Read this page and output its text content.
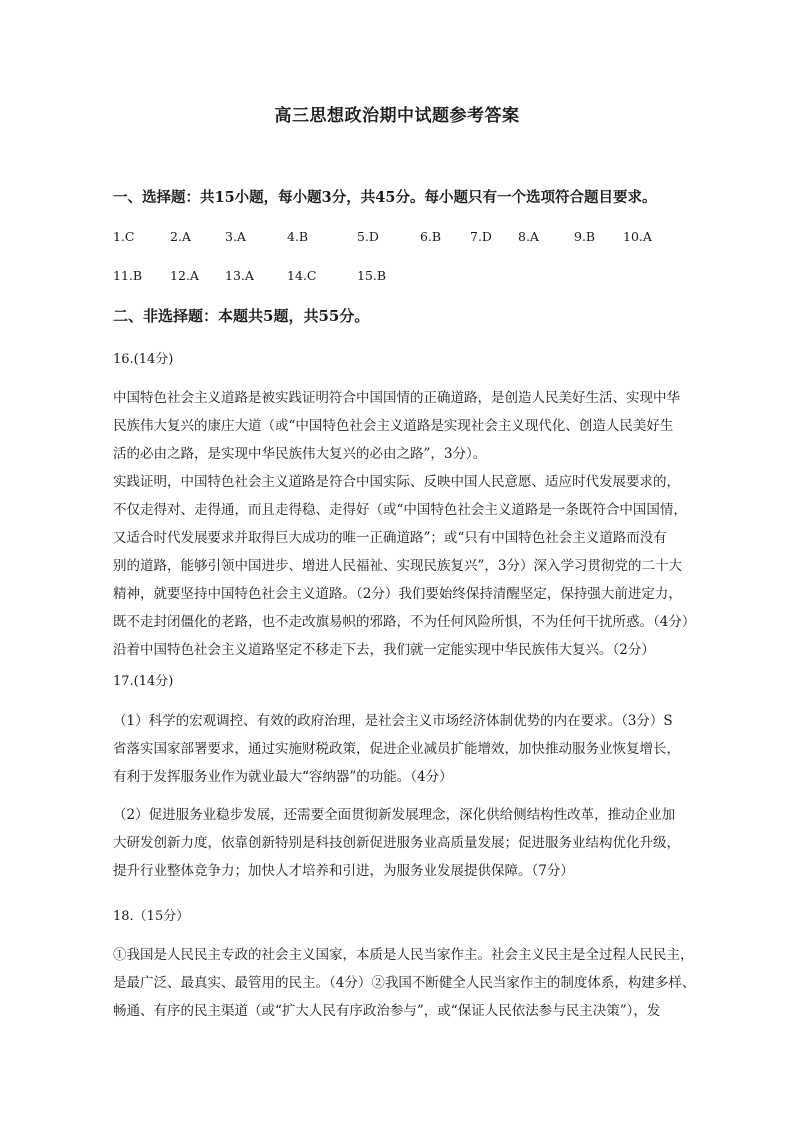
高三思想政治期中试题参考答案
一、选择题：共15小题，每小题3分，共45分。每小题只有一个选项符合题目要求。
1.C	2.A	3.A	4.B	5.D	6.B 7.D 8.A	9.B 10.A
11.B 12.A 13.A	14.C	15.B
二、非选择题：本题共5题，共55分。
16.(14分)
中国特色社会主义道路是被实践证明符合中国国情的正确道路，是创造人民美好生活、实现中华
民族伟大复兴的康庄大道（或“中国特色社会主义道路是实现社会主义现代化、创造人民美好生
活的必由之路，是实现中华民族伟大复兴的必由之路”，3分）。
实践证明，中国特色社会主义道路是符合中国实际、反映中国人民意愿、适应时代发展要求的，
不仅走得对、走得通，而且走得稳、走得好（或“中国特色社会主义道路是一条既符合中国国情，
又适合时代发展要求并取得巨大成功的唯一正确道路”；或“只有中国特色社会主义道路而没有
别的道路，能够引领中国进步、增进人民福祉、实现民族复兴”，3分）深入学习贯彻党的二十大
精神，就要坚持中国特色社会主义道路。（2分）我们要始终保持清醒坚定，保持强大前进定力，
既不走封闭僵化的老路，也不走改旗易帜的邪路，不为任何风险所惧，不为任何干扰所惑。（4分）
沿着中国特色社会主义道路坚定不移走下去，我们就一定能实现中华民族伟大复兴。（2分）
17.(14分)
（1）科学的宏观调控、有效的政府治理，是社会主义市场经济体制优势的内在要求。（3分）S
省落实国家部署要求，通过实施财税政策，促进企业减员扩能增效，加快推动服务业恢复增长，
有利于发挥服务业作为就业最大“容纳器”的功能。（4分）
（2）促进服务业稳步发展，还需要全面贯彻新发展理念，深化供给侧结构性改革，推动企业加
大研发创新力度，依靠创新特别是科技创新促进服务业高质量发展；促进服务业结构优化升级，
提升行业整体竞争力；加快人才培养和引进，为服务业发展提供保障。（7分）
18.（15分）
①我国是人民民主专政的社会主义国家，本质是人民当家作主。社会主义民主是全过程人民民主，
是最广泛、最真实、最管用的民主。（4分）②我国不断健全人民当家作主的制度体系，构建多样、
畅通、有序的民主渠道（或“扩大人民有序政治参与”，或“保证人民依法参与民主决策”），发
